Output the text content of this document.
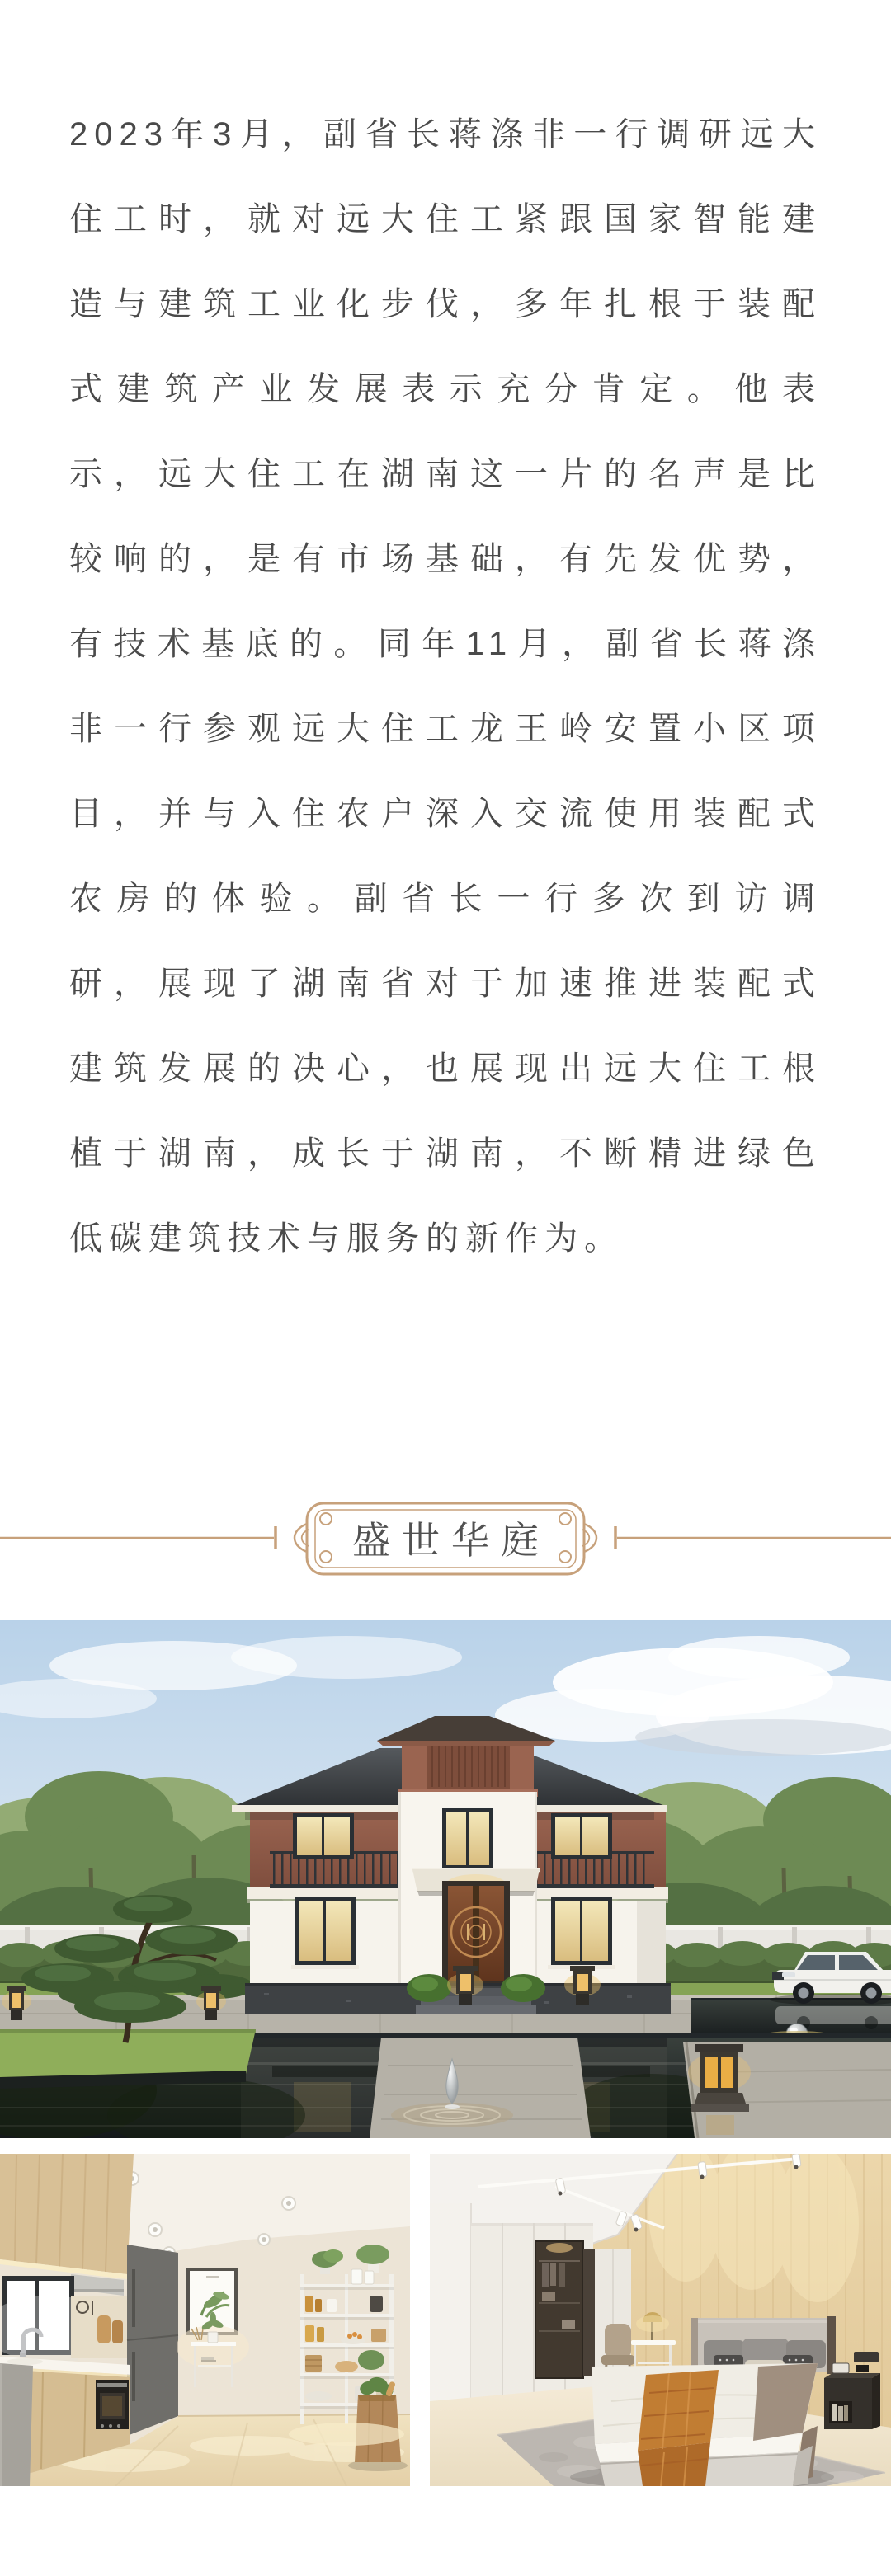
2023年3月，副省长蒋涤非一行调研远大
住工时，就对远大住工紧跟国家智能建
造与建筑工业化步伐，多年扎根于装配
式建筑产业发展表示充分肯定。他表
示，远大住工在湖南这一片的名声是比
较响的，是有市场基础，有先发优势，
有技术基底的。同年11月，副省长蒋涤
非一行参观远大住工龙王岭安置小区项
目，并与入住农户深入交流使用装配式
农房的体验。副省长一行多次到访调
研，展现了湖南省对于加速推进装配式
建筑发展的决心，也展现出远大住工根
植于湖南，成长于湖南，不断精进绿色
低碳建筑技术与服务的新作为。
盛世华庭
